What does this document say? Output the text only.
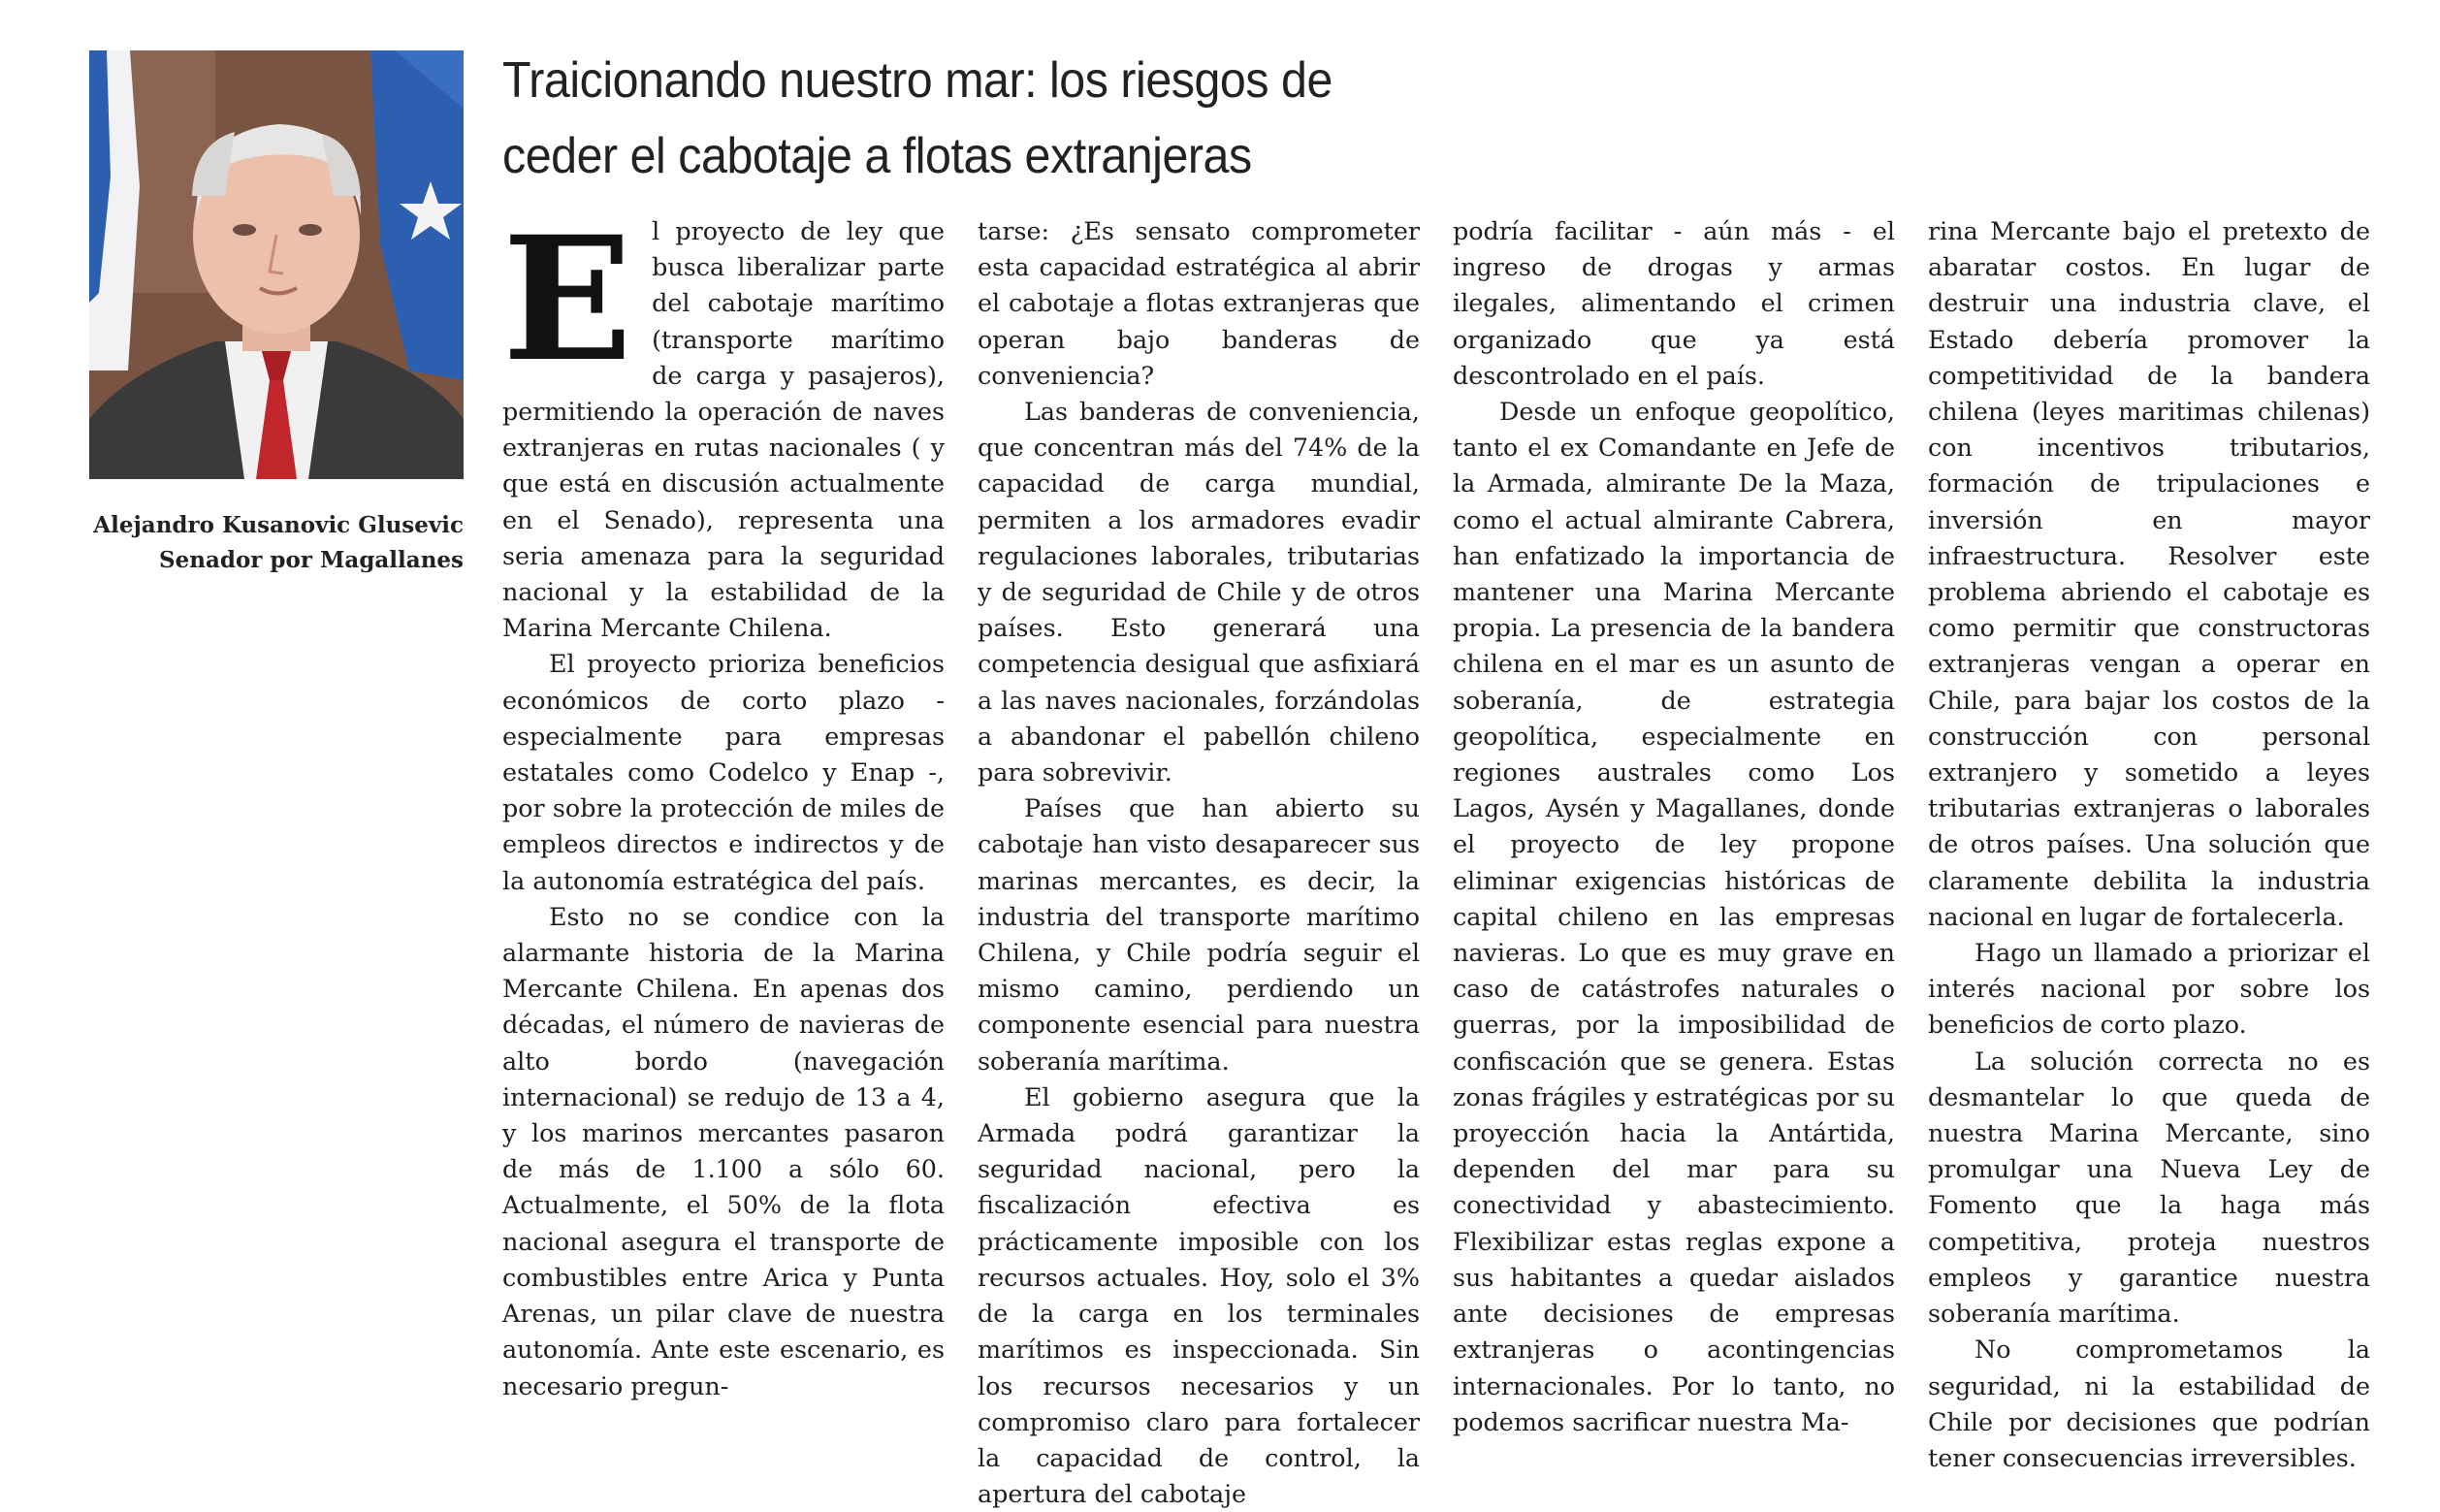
Alejandro Kusanovic Glusevic
Senador por Magallanes
Traicionando nuestro mar: los riesgos de
ceder el cabotaje a flotas extranjeras
E l proyecto de ley que busca liberalizar parte del cabotaje marítimo (transporte marítimo de carga y pasajeros), permitiendo la operación de naves extranjeras en rutas nacionales ( y que está en discusión actualmente en el Senado), representa una seria amenaza para la seguridad nacional y la estabilidad de la Marina Mercante Chilena.

El proyecto prioriza beneficios económicos de corto plazo -especialmente para empresas estatales como Codelco y Enap -, por sobre la protección de miles de empleos directos e indirectos y de la autonomía estratégica del país.

Esto no se condice con la alarmante historia de la Marina Mercante Chilena. En apenas dos décadas, el número de navieras de alto bordo (navegación internacional) se redujo de 13 a 4, y los marinos mercantes pasaron de más de 1.100 a sólo 60. Actualmente, el 50% de la flota nacional asegura el transporte de combustibles entre Arica y Punta Arenas, un pilar clave de nuestra autonomía. Ante este escenario, es necesario pregun-

tarse: ¿Es sensato comprometer esta capacidad estratégica al abrir el cabotaje a flotas extranjeras que operan bajo banderas de conveniencia?

Las banderas de conveniencia, que concentran más del 74% de la capacidad de carga mundial, permiten a los armadores evadir regulaciones laborales, tributarias y de seguridad de Chile y de otros países. Esto generará una competencia desigual que asfixiará a las naves nacionales, forzándolas a abandonar el pabellón chileno para sobrevivir.

Países que han abierto su cabotaje han visto desaparecer sus marinas mercantes, es decir, la industria del transporte marítimo Chilena, y Chile podría seguir el mismo camino, perdiendo un componente esencial para nuestra soberanía marítima.

El gobierno asegura que la Armada podrá garantizar la seguridad nacional, pero la fiscalización efectiva es prácticamente imposible con los recursos actuales. Hoy, solo el 3% de la carga en los terminales marítimos es inspeccionada. Sin los recursos necesarios y un compromiso claro para fortalecer la capacidad de control, la apertura del cabotaje

podría facilitar - aún más - el ingreso de drogas y armas ilegales, alimentando el crimen organizado que ya está descontrolado en el país.

Desde un enfoque geopolítico, tanto el ex Comandante en Jefe de la Armada, almirante De la Maza, como el actual almirante Cabrera, han enfatizado la importancia de mantener una Marina Mercante propia. La presencia de la bandera chilena en el mar es un asunto de soberanía, de estrategia geopolítica, especialmente en regiones australes como Los Lagos, Aysén y Magallanes, donde el proyecto de ley propone eliminar exigencias históricas de capital chileno en las empresas navieras. Lo que es muy grave en caso de catástrofes naturales o guerras, por la imposibilidad de confiscación que se genera. Estas zonas frágiles y estratégicas por su proyección hacia la Antártida, dependen del mar para su conectividad y abastecimiento. Flexibilizar estas reglas expone a sus habitantes a quedar aislados ante decisiones de empresas extranjeras o acontingencias internacionales. Por lo tanto, no podemos sacrificar nuestra Ma-

rina Mercante bajo el pretexto de abaratar costos. En lugar de destruir una industria clave, el Estado debería promover la competitividad de la bandera chilena (leyes maritimas chilenas) con incentivos tributarios, formación de tripulaciones e inversión en mayor infraestructura. Resolver este problema abriendo el cabotaje es como permitir que constructoras extranjeras vengan a operar en Chile, para bajar los costos de la construcción con personal extranjero y sometido a leyes tributarias extranjeras o laborales de otros países. Una solución que claramente debilita la industria nacional en lugar de fortalecerla.

Hago un llamado a priorizar el interés nacional por sobre los beneficios de corto plazo.

La solución correcta no es desmantelar lo que queda de nuestra Marina Mercante, sino promulgar una Nueva Ley de Fomento que la haga más competitiva, proteja nuestros empleos y garantice nuestra soberanía marítima.

No comprometamos la seguridad, ni la estabilidad de Chile por decisiones que podrían tener consecuencias irreversibles.
